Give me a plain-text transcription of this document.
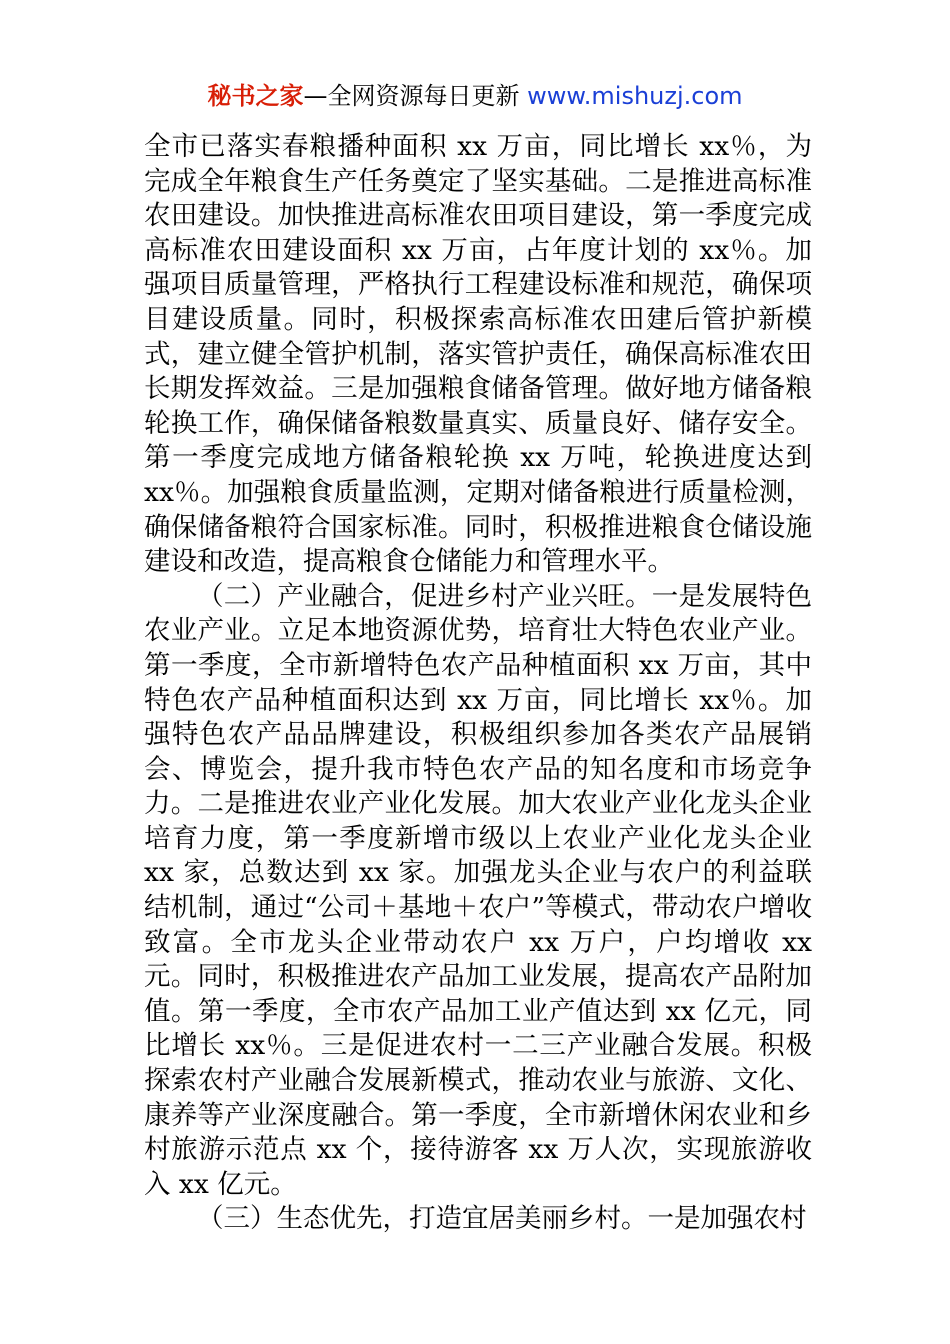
秘书之家—全网资源每日更新 www.mishuzj.com

全市已落实春粮播种面积 xx 万亩，同比增长 xx％，为完成全年粮食生产任务奠定了坚实基础。二是推进高标准农田建设。加快推进高标准农田项目建设，第一季度完成高标准农田建设面积 xx 万亩，占年度计划的 xx％。加强项目质量管理，严格执行工程建设标准和规范，确保项目建设质量。同时，积极探索高标准农田建后管护新模式，建立健全管护机制，落实管护责任，确保高标准农田长期发挥效益。三是加强粮食储备管理。做好地方储备粮轮换工作，确保储备粮数量真实、质量良好、储存安全。第一季度完成地方储备粮轮换 xx 万吨，轮换进度达到 xx％。加强粮食质量监测，定期对储备粮进行质量检测，确保储备粮符合国家标准。同时，积极推进粮食仓储设施建设和改造，提高粮食仓储能力和管理水平。

（二）产业融合，促进乡村产业兴旺。一是发展特色农业产业。立足本地资源优势，培育壮大特色农业产业。第一季度，全市新增特色农产品种植面积 xx 万亩，其中特色农产品种植面积达到 xx 万亩，同比增长 xx％。加强特色农产品品牌建设，积极组织参加各类农产品展销会、博览会，提升我市特色农产品的知名度和市场竞争力。二是推进农业产业化发展。加大农业产业化龙头企业培育力度，第一季度新增市级以上农业产业化龙头企业 xx 家，总数达到 xx 家。加强龙头企业与农户的利益联结机制，通过“公司＋基地＋农户”等模式，带动农户增收致富。全市龙头企业带动农户 xx 万户，户均增收 xx 元。同时，积极推进农产品加工业发展，提高农产品附加值。第一季度，全市农产品加工业产值达到 xx 亿元，同比增长 xx％。三是促进农村一二三产业融合发展。积极探索农村产业融合发展新模式，推动农业与旅游、文化、康养等产业深度融合。第一季度，全市新增休闲农业和乡村旅游示范点 xx 个，接待游客 xx 万人次，实现旅游收入 xx 亿元。

（三）生态优先，打造宜居美丽乡村。一是加强农村
